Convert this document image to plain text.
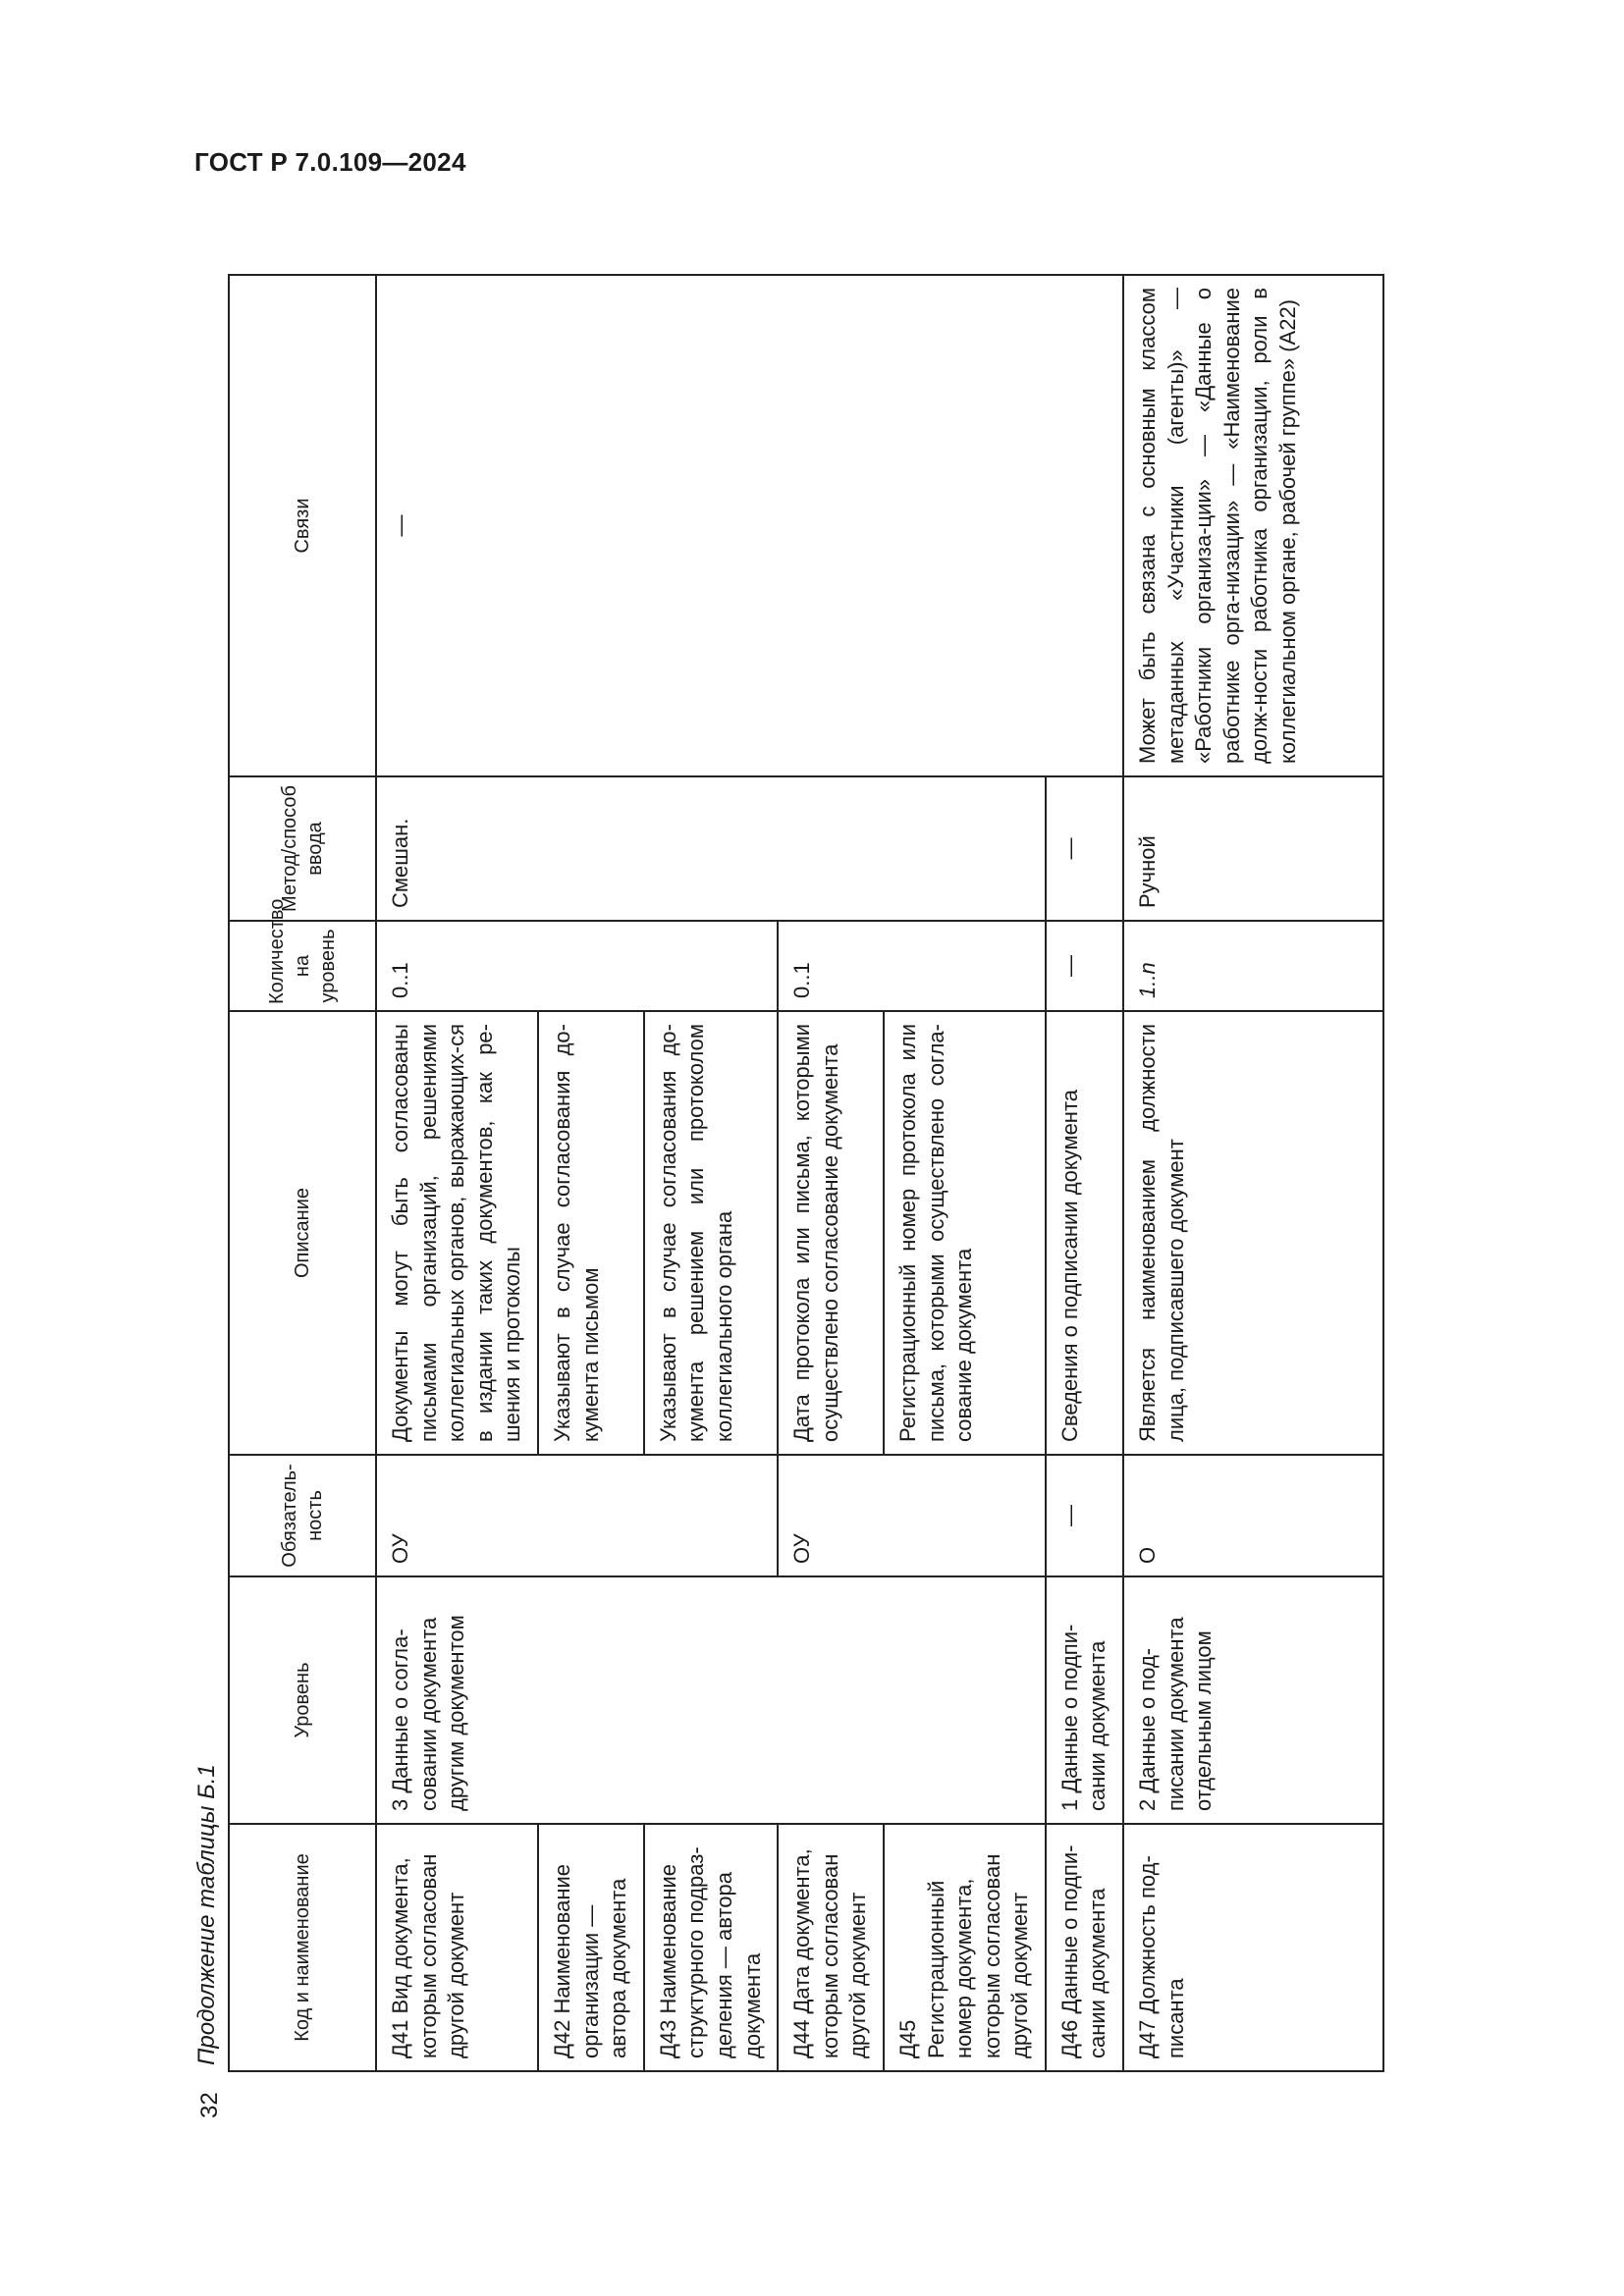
ГОСТ Р 7.0.109—2024
32
Продолжение таблицы Б.1	Код и наименование	Уровень	Обязатель-ность	Описание	Количество на уровень	Метод/способ ввода	Связи
Д41 Вид документа, которым согласован другой документ	3 Данные о согла-совании документа другим документом	ОУ	Документы могут быть согласованы письмами организаций, решениями коллегиальных органов, выражающих-ся в издании таких документов, как ре-шения и протоколы	0..1	Смешан.	—
Д42 Наименование организации — автора документа			Указывают в случае согласования до-кумента письмом			
Д43 Наименование структурного подраз-деления — автора документа			Указывают в случае согласования до-кумента решением или протоколом коллегиального органа			
Д44 Дата документа, которым согласован другой документ		ОУ	Дата протокола или письма, которыми осуществлено согласование документа	0..1		
Д45 Регистрационный номер документа, которым согласован другой документ			Регистрационный номер протокола или письма, которыми осуществлено согла-сование документа			
Д46 Данные о подпи-сании документа	1 Данные о подпи-сании документа	—	Сведения о подписании документа	—	—	
Д47 Должность под-писанта	2 Данные о под-писании документа отдельным лицом	О	Является наименованием должности лица, подписавшего документ	1..n	Ручной	Может быть связана с основным классом метаданных «Участники (агенты)» — «Работники организа-ции» — «Данные о работнике орга-низации» — «Наименование долж-ности работника организации, роли в коллегиальном органе, рабочей группе» (А22)
